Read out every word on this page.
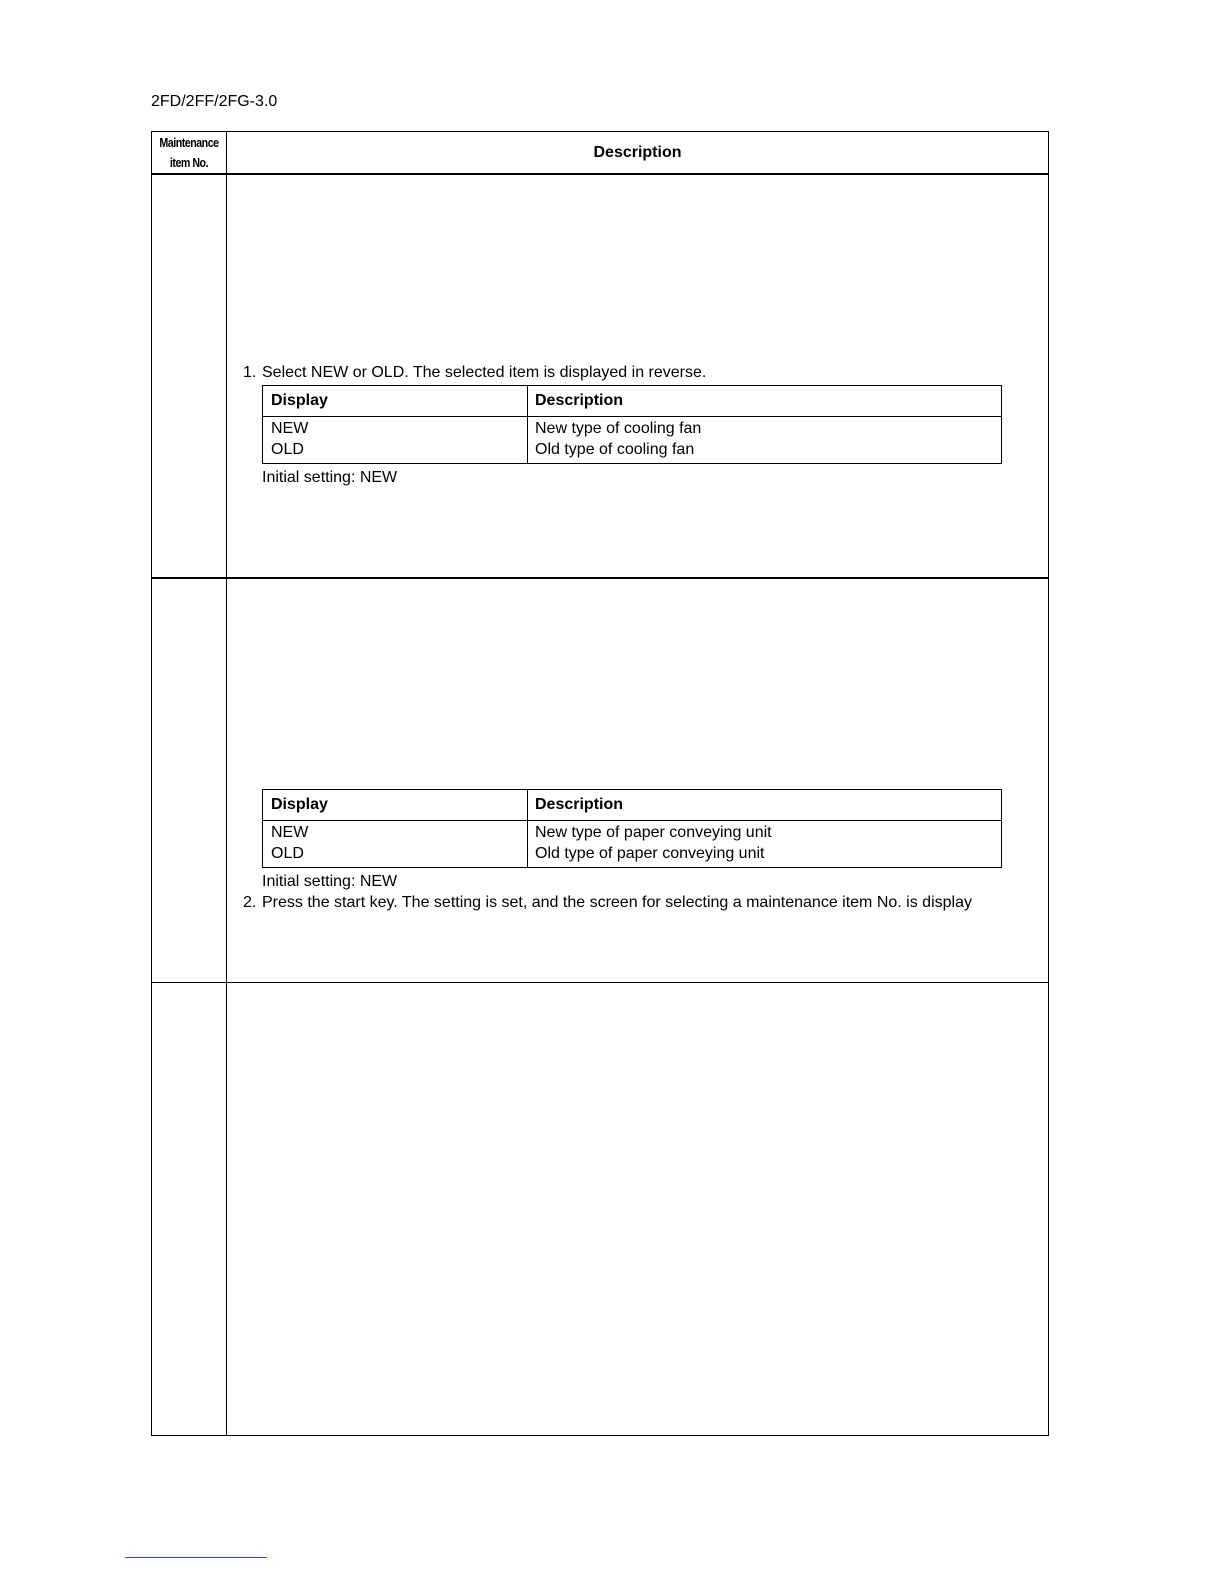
2FD/2FF/2FG-3.0
Maintenance
item No.
Description
1. Select NEW or OLD. The selected item is displayed in reverse.
Display	Description
NEW	New type of cooling fan
OLD	Old type of cooling fan
Initial setting: NEW
Display	Description
NEW	New type of paper conveying unit
OLD	Old type of paper conveying unit
Initial setting: NEW
2. Press the start key. The setting is set, and the screen for selecting a maintenance item No. is display
